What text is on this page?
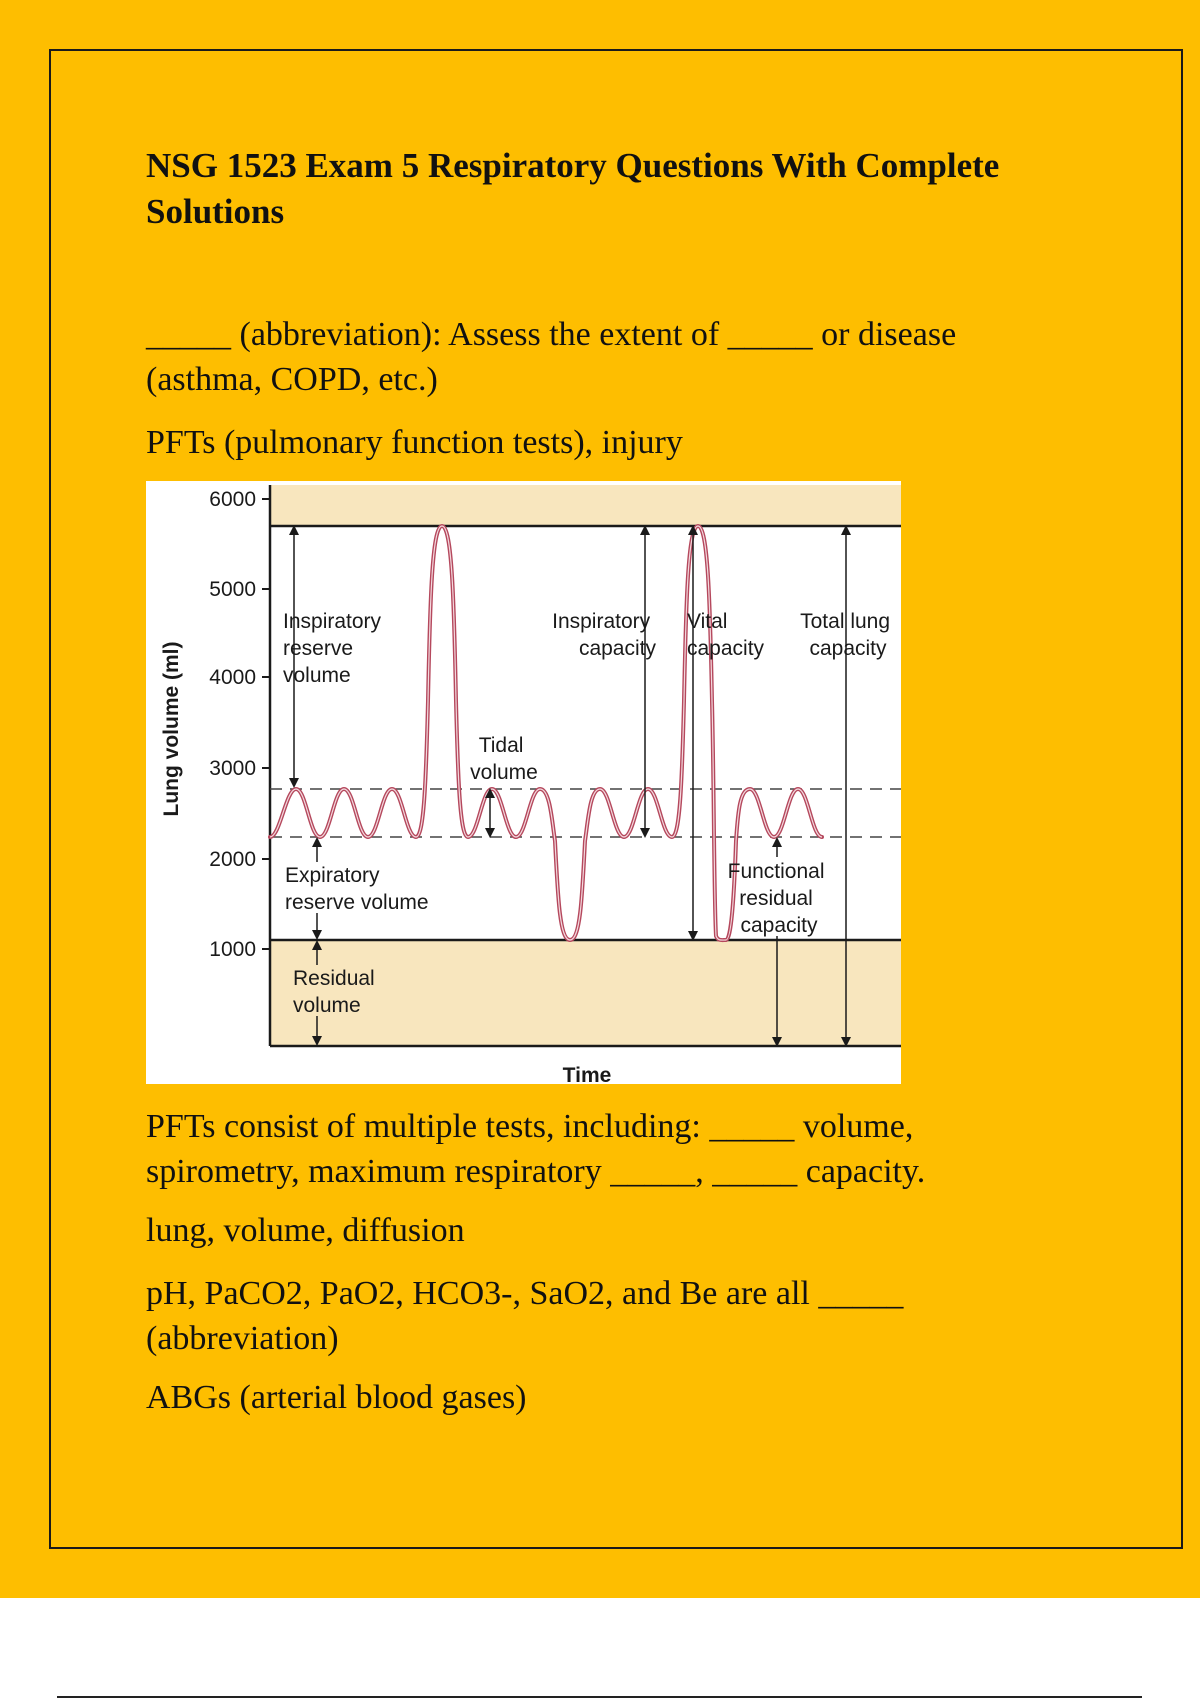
NSG 1523 Exam 5 Respiratory Questions With Complete Solutions

_____ (abbreviation): Assess the extent of _____ or disease (asthma, COPD, etc.)

PFTs (pulmonary function tests), injury

6000
5000
4000
3000
2000
1000
Inspiratory reserve volume
Inspiratory capacity
Vital capacity
Total lung capacity
Tidal volume
Expiratory reserve volume
Functional residual capacity
Residual volume
Lung volume (ml)
Time

PFTs consist of multiple tests, including: _____ volume, spirometry, maximum respiratory _____, _____ capacity.

lung, volume, diffusion

pH, PaCO2, PaO2, HCO3-, SaO2, and Be are all _____ (abbreviation)

ABGs (arterial blood gases)
